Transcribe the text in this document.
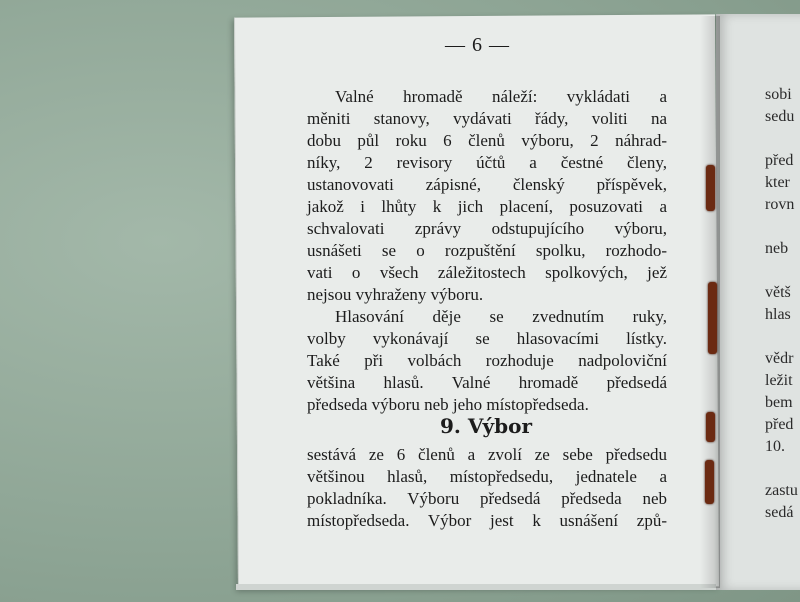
— 6 —
Valné hromadě náleží: vykládati a
měniti stanovy, vydávati řády, voliti na
dobu půl roku 6 členů výboru, 2 náhrad-
níky, 2 revisory účtů a čestné členy,
ustanovovati zápisné, členský příspěvek,
jakož i lhůty k jich placení, posuzovati a
schvalovati zprávy odstupujícího výboru,
usnášeti se o rozpuštění spolku, rozhodo-
vati o všech záležitostech spolkových, jež
nejsou vyhraženy výboru.
Hlasování děje se zvednutím ruky,
volby vykonávají se hlasovacími lístky.
Také při volbách rozhoduje nadpoloviční
většina hlasů. Valné hromadě předsedá
předseda výboru neb jeho místopředseda.
9. Výbor
sestává ze 6 členů a zvolí ze sebe předsedu
většinou hlasů, místopředsedu, jednatele a
pokladníka. Výboru předsedá předseda neb
místopředseda. Výbor jest k usnášení způ-
sobi
sedu
před
kter
rovn
neb
větš
hlas
vědr
ležit
bem
před
10.
zastu
sedá
